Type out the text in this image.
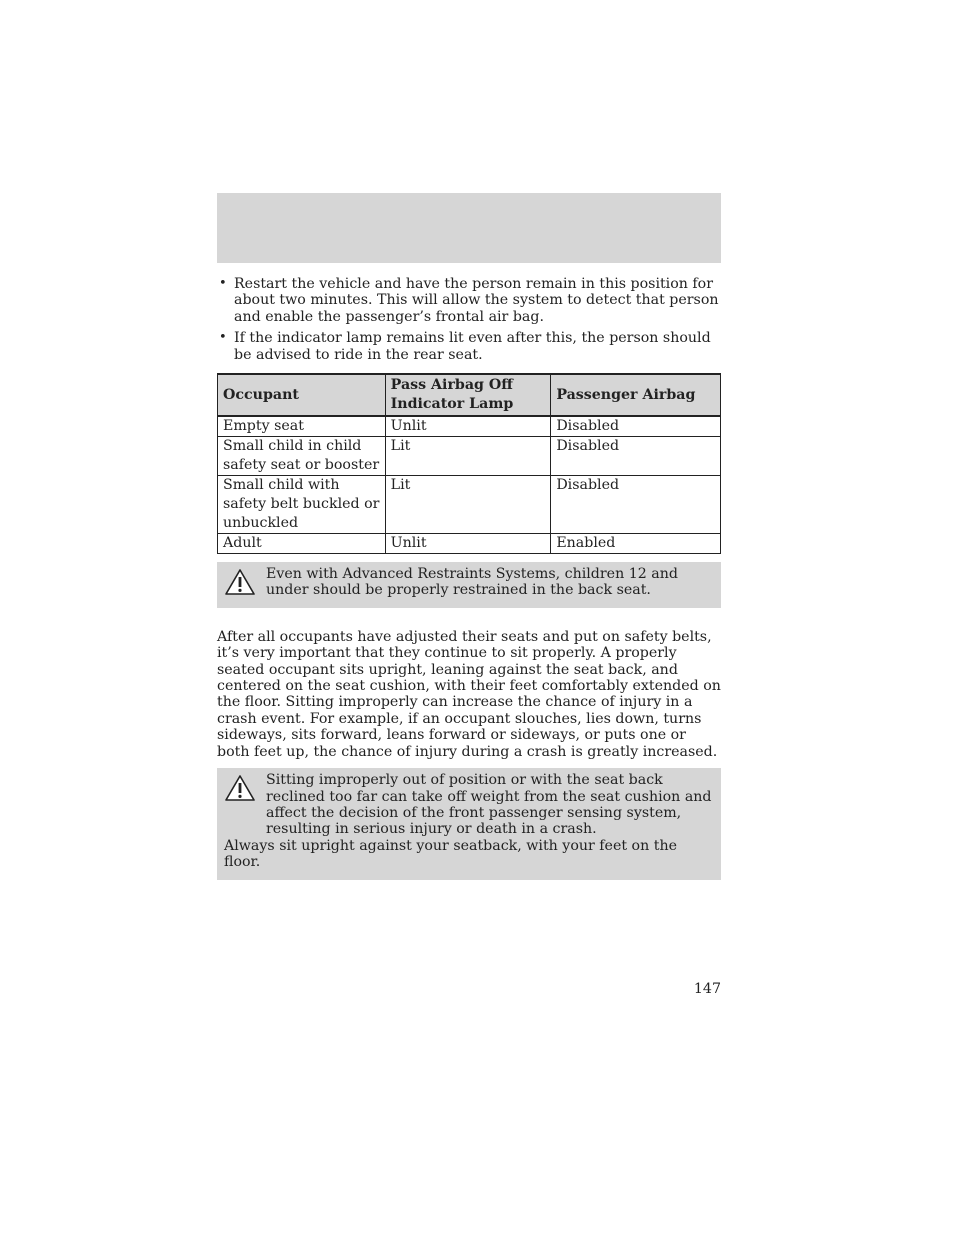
• Restart the vehicle and have the person remain in this position for about two minutes. This will allow the system to detect that person and enable the passenger’s frontal air bag.
• If the indicator lamp remains lit even after this, the person should be advised to ride in the rear seat.
Occupant	Pass Airbag Off Indicator Lamp	Passenger Airbag
Empty seat	Unlit	Disabled
Small child in child safety seat or booster	Lit	Disabled
Small child with safety belt buckled or unbuckled	Lit	Disabled
Adult	Unlit	Enabled
Even with Advanced Restraints Systems, children 12 and under should be properly restrained in the back seat.

After all occupants have adjusted their seats and put on safety belts, it’s very important that they continue to sit properly. A properly seated occupant sits upright, leaning against the seat back, and centered on the seat cushion, with their feet comfortably extended on the floor. Sitting improperly can increase the chance of injury in a crash event. For example, if an occupant slouches, lies down, turns sideways, sits forward, leans forward or sideways, or puts one or both feet up, the chance of injury during a crash is greatly increased.

Sitting improperly out of position or with the seat back reclined too far can take off weight from the seat cushion and affect the decision of the front passenger sensing system, resulting in serious injury or death in a crash.
Always sit upright against your seatback, with your feet on the floor.
147
